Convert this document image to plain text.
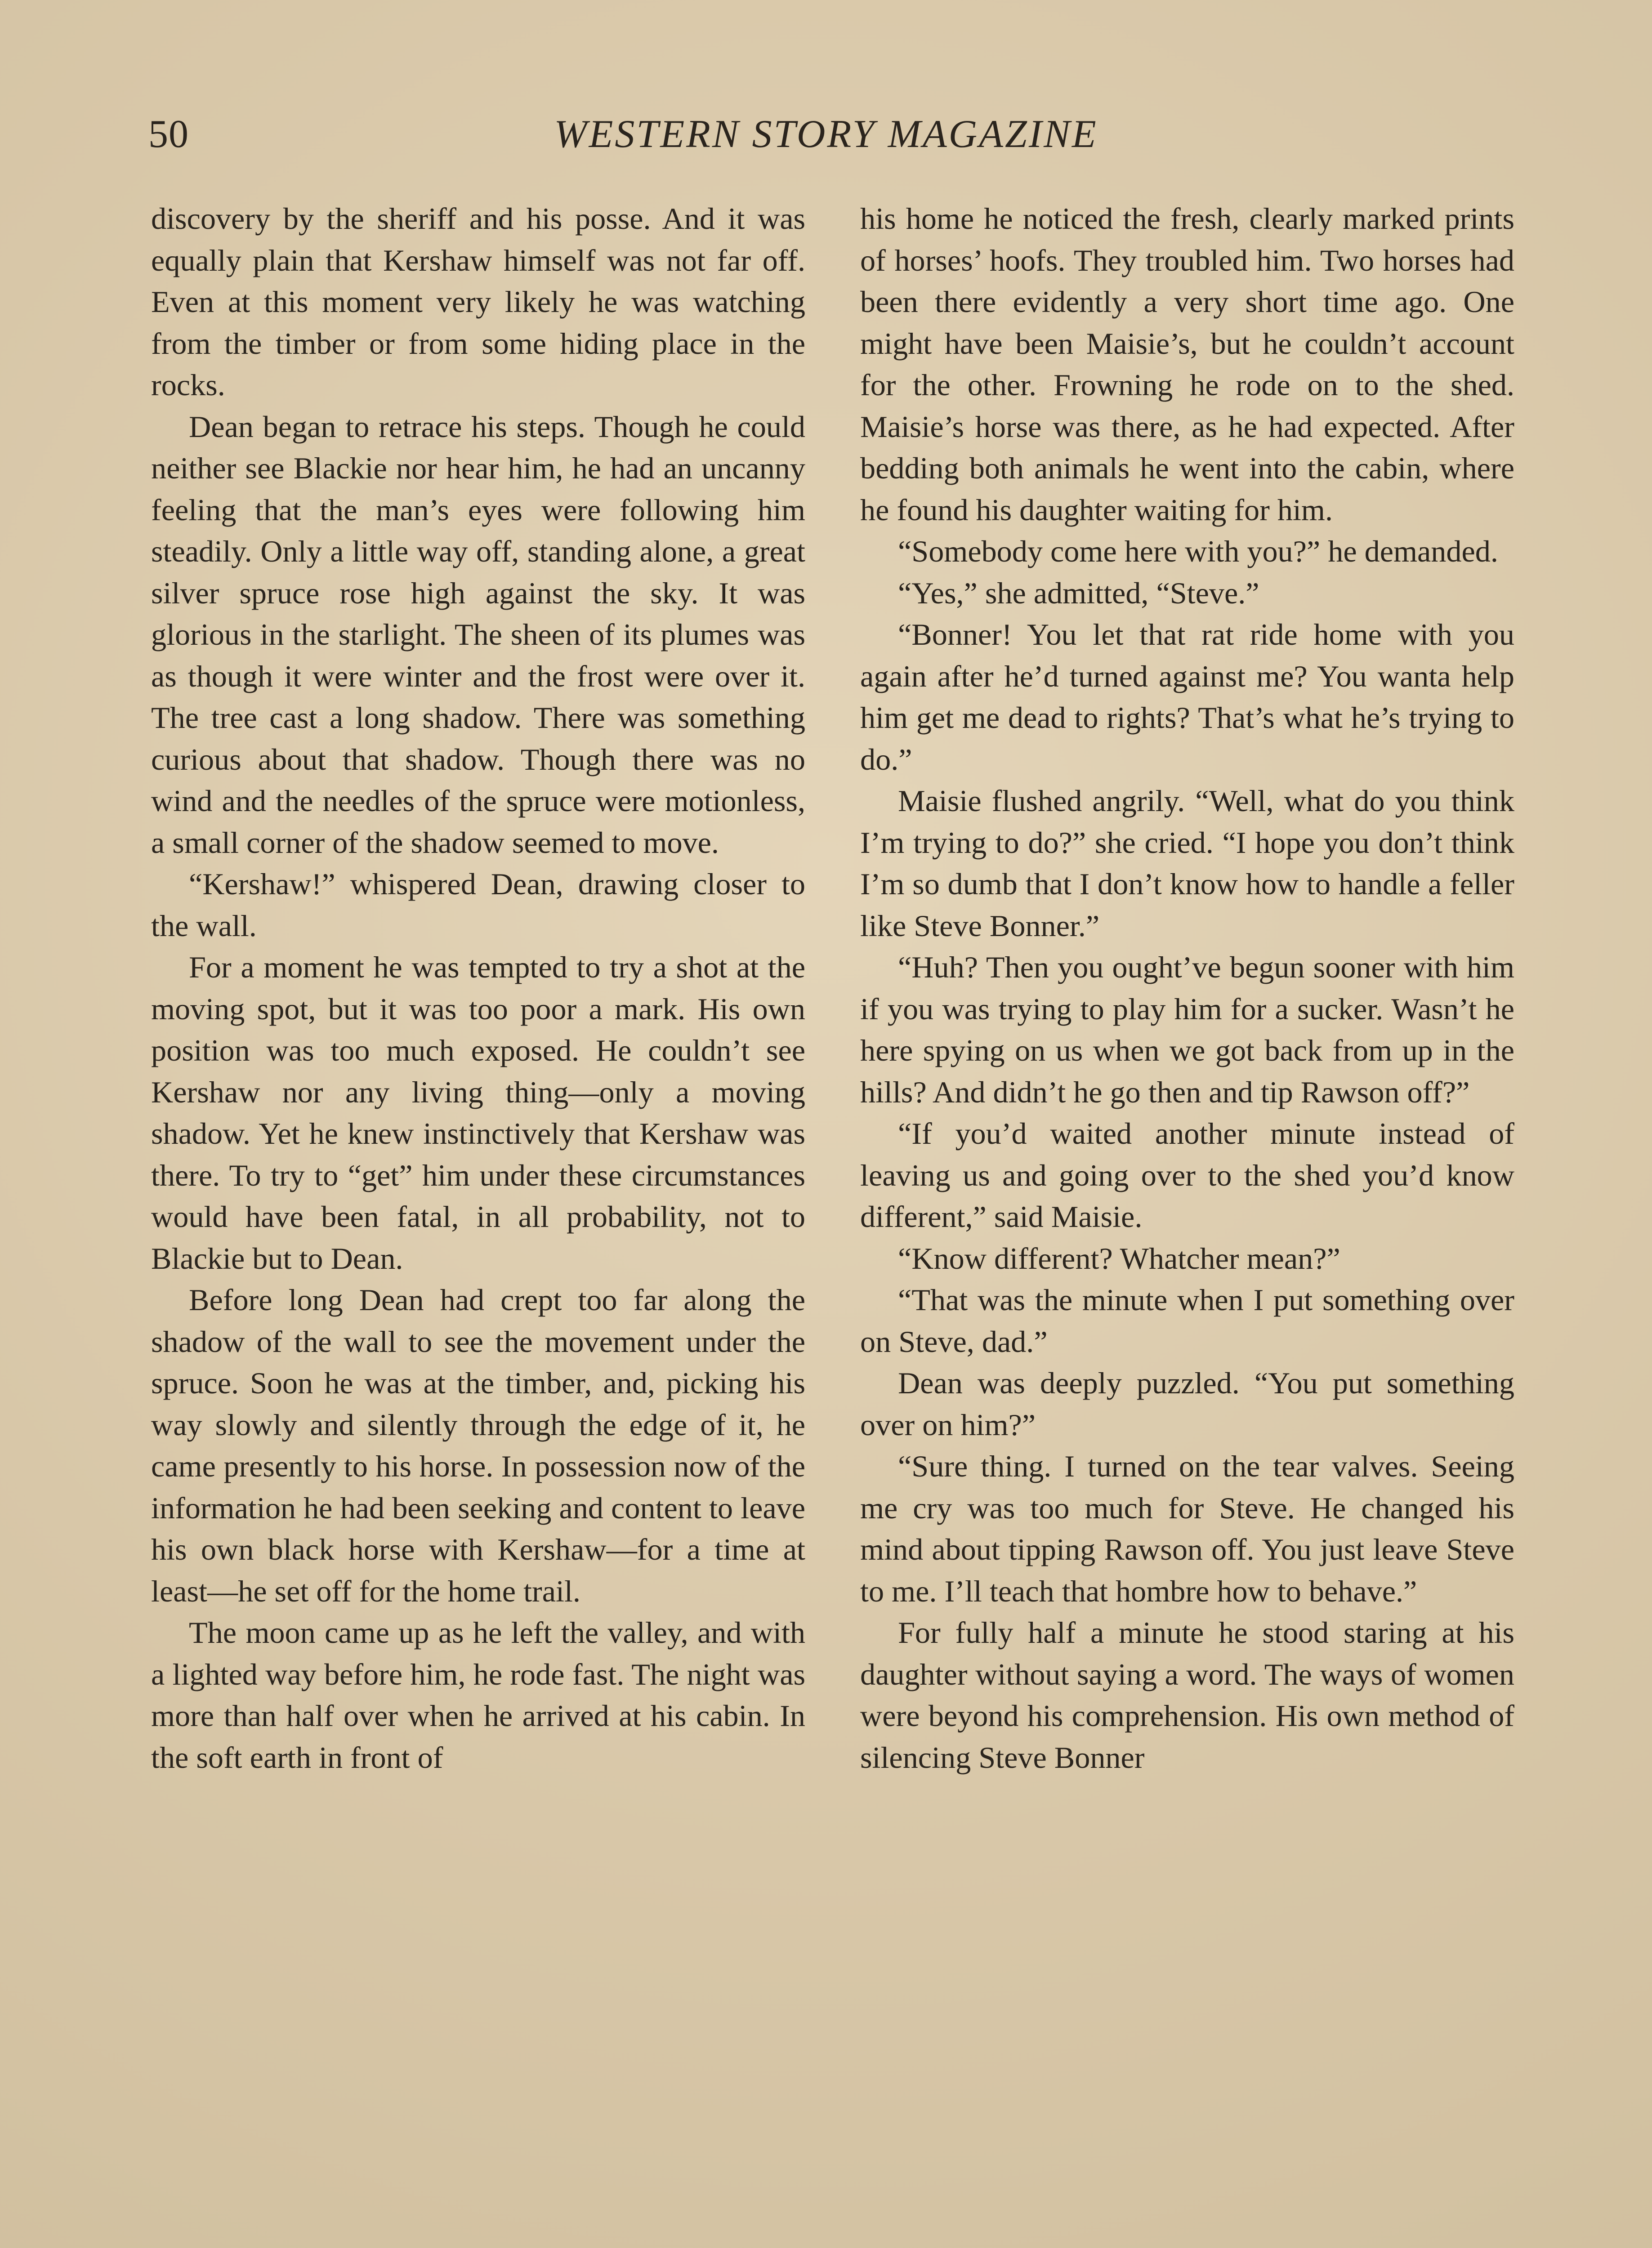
50	WESTERN STORY MAGAZINE

discovery by the sheriff and his posse. And it was equally plain that Kershaw himself was not far off. Even at this moment very likely he was watching from the timber or from some hiding place in the rocks.

Dean began to retrace his steps. Though he could neither see Blackie nor hear him, he had an uncanny feeling that the man’s eyes were following him steadily. Only a little way off, standing alone, a great silver spruce rose high against the sky. It was glorious in the starlight. The sheen of its plumes was as though it were winter and the frost were over it. The tree cast a long shadow. There was something curious about that shadow. Though there was no wind and the needles of the spruce were motionless, a small corner of the shadow seemed to move.

“Kershaw!” whispered Dean, drawing closer to the wall.

For a moment he was tempted to try a shot at the moving spot, but it was too poor a mark. His own position was too much exposed. He couldn’t see Kershaw nor any living thing—only a moving shadow. Yet he knew instinctively that Kershaw was there. To try to “get” him under these circumstances would have been fatal, in all probability, not to Blackie but to Dean.

Before long Dean had crept too far along the shadow of the wall to see the movement under the spruce. Soon he was at the timber, and, picking his way slowly and silently through the edge of it, he came presently to his horse. In possession now of the information he had been seeking and content to leave his own black horse with Kershaw—for a time at least—he set off for the home trail.

The moon came up as he left the valley, and with a lighted way before him, he rode fast. The night was more than half over when he arrived at his cabin. In the soft earth in front of

his home he noticed the fresh, clearly marked prints of horses’ hoofs. They troubled him. Two horses had been there evidently a very short time ago. One might have been Maisie’s, but he couldn’t account for the other. Frowning he rode on to the shed. Maisie’s horse was there, as he had expected. After bedding both animals he went into the cabin, where he found his daughter waiting for him.

“Somebody come here with you?” he demanded.

“Yes,” she admitted, “Steve.”

“Bonner! You let that rat ride home with you again after he’d turned against me? You wanta help him get me dead to rights? That’s what he’s trying to do.”

Maisie flushed angrily. “Well, what do you think I’m trying to do?” she cried. “I hope you don’t think I’m so dumb that I don’t know how to handle a feller like Steve Bonner.”

“Huh? Then you ought’ve begun sooner with him if you was trying to play him for a sucker. Wasn’t he here spying on us when we got back from up in the hills? And didn’t he go then and tip Rawson off?”

“If you’d waited another minute instead of leaving us and going over to the shed you’d know different,” said Maisie.

“Know different? Whatcher mean?”

“That was the minute when I put something over on Steve, dad.”

Dean was deeply puzzled. “You put something over on him?”

“Sure thing. I turned on the tear valves. Seeing me cry was too much for Steve. He changed his mind about tipping Rawson off. You just leave Steve to me. I’ll teach that hombre how to behave.”

For fully half a minute he stood staring at his daughter without saying a word. The ways of women were beyond his comprehension. His own method of silencing Steve Bonner
